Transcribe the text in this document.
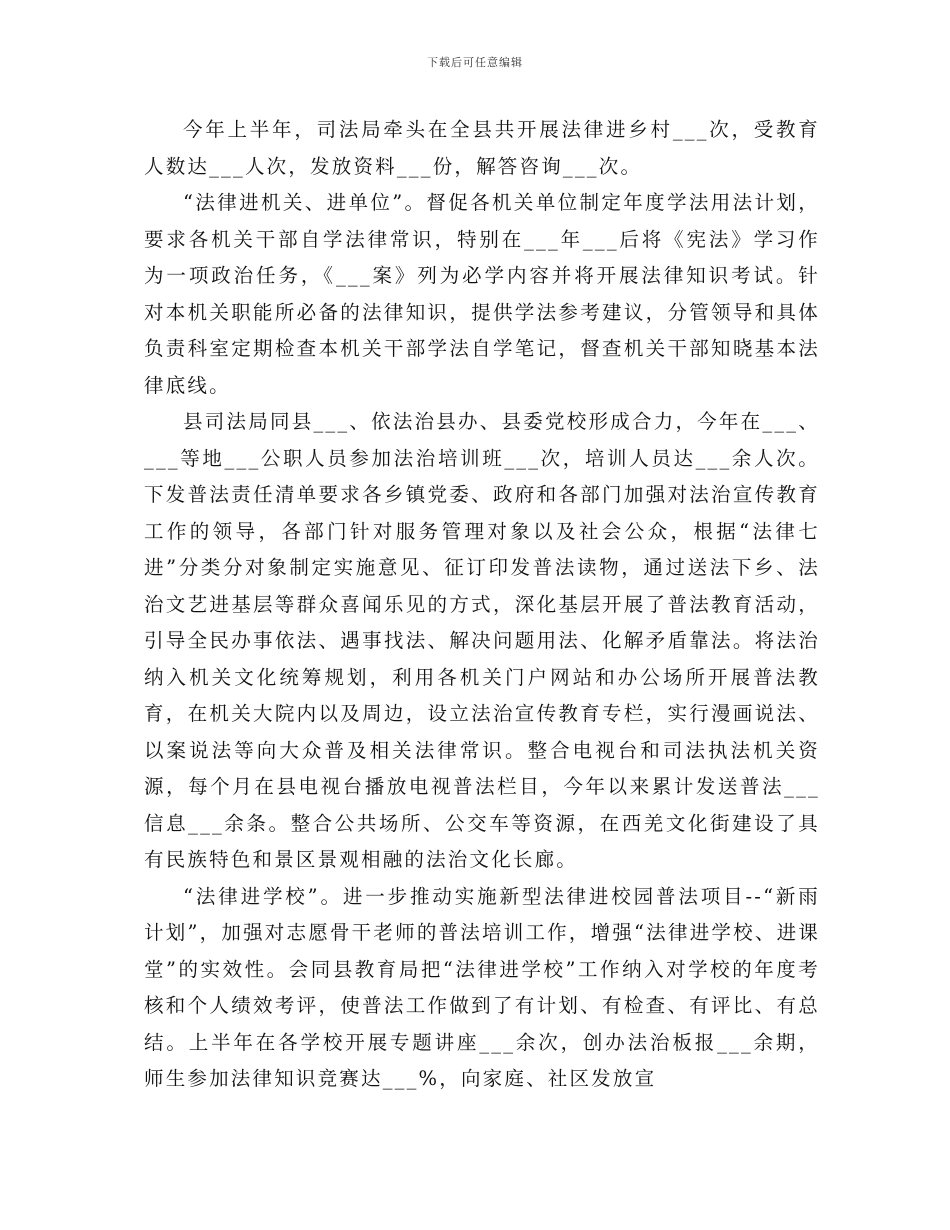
下载后可任意编辑

今年上半年，司法局牵头在全县共开展法律进乡村___次，受教育人数达___人次，发放资料___份，解答咨询___次。

“法律进机关、进单位”。督促各机关单位制定年度学法用法计划，要求各机关干部自学法律常识，特别在___年___后将《宪法》学习作为一项政治任务，《___案》列为必学内容并将开展法律知识考试。针对本机关职能所必备的法律知识，提供学法参考建议，分管领导和具体负责科室定期检查本机关干部学法自学笔记，督查机关干部知晓基本法律底线。

县司法局同县___、依法治县办、县委党校形成合力，今年在___、___等地___公职人员参加法治培训班___次，培训人员达___余人次。下发普法责任清单要求各乡镇党委、政府和各部门加强对法治宣传教育工作的领导，各部门针对服务管理对象以及社会公众，根据“法律七进”分类分对象制定实施意见、征订印发普法读物，通过送法下乡、法治文艺进基层等群众喜闻乐见的方式，深化基层开展了普法教育活动，引导全民办事依法、遇事找法、解决问题用法、化解矛盾靠法。将法治纳入机关文化统筹规划，利用各机关门户网站和办公场所开展普法教育，在机关大院内以及周边，设立法治宣传教育专栏，实行漫画说法、以案说法等向大众普及相关法律常识。整合电视台和司法执法机关资源，每个月在县电视台播放电视普法栏目，今年以来累计发送普法___信息___余条。整合公共场所、公交车等资源，在西羌文化街建设了具有民族特色和景区景观相融的法治文化长廊。

“法律进学校”。进一步推动实施新型法律进校园普法项目--“新雨计划”，加强对志愿骨干老师的普法培训工作，增强“法律进学校、进课堂”的实效性。会同县教育局把“法律进学校”工作纳入对学校的年度考核和个人绩效考评，使普法工作做到了有计划、有检查、有评比、有总结。上半年在各学校开展专题讲座___余次，创办法治板报___余期，师生参加法律知识竞赛达___%，向家庭、社区发放宣
